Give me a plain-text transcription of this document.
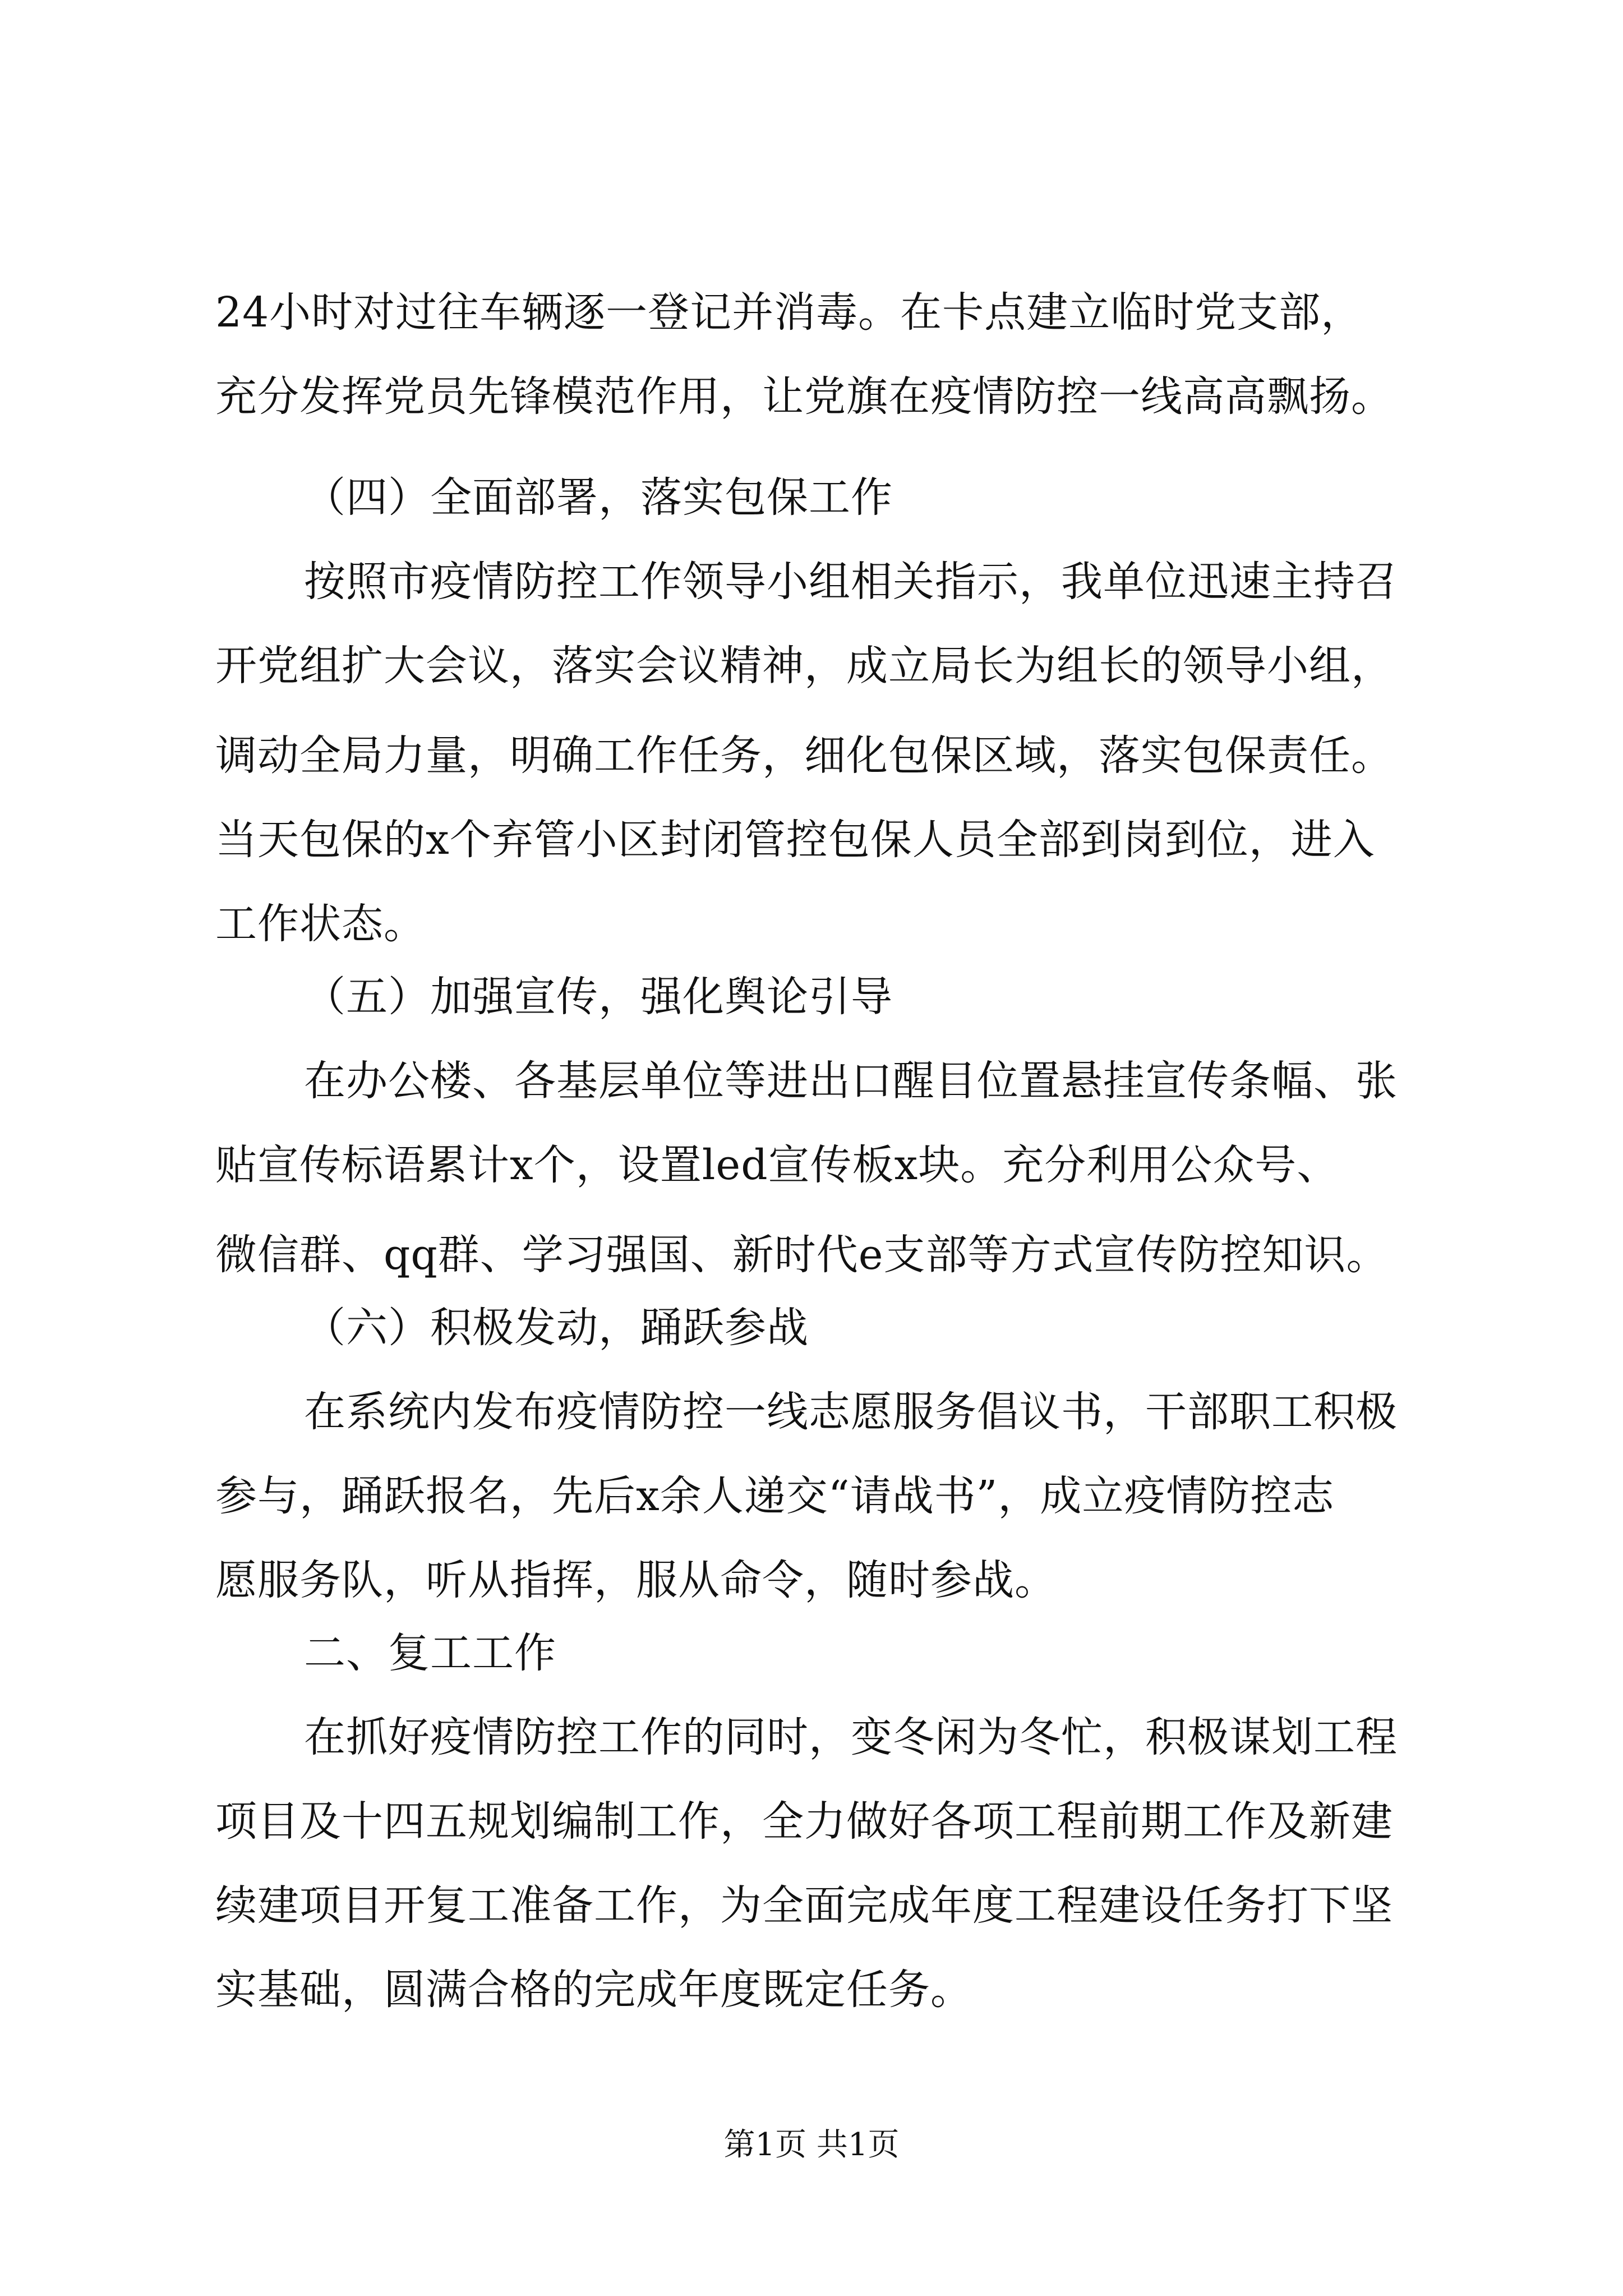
24小时对过往车辆逐一登记并消毒。在卡点建立临时党支部，
充分发挥党员先锋模范作用，让党旗在疫情防控一线高高飘扬。
（四）全面部署，落实包保工作
按照市疫情防控工作领导小组相关指示，我单位迅速主持召
开党组扩大会议，落实会议精神，成立局长为组长的领导小组，
调动全局力量，明确工作任务，细化包保区域，落实包保责任。
当天包保的x个弃管小区封闭管控包保人员全部到岗到位，进入
工作状态。
（五）加强宣传，强化舆论引导
在办公楼、各基层单位等进出口醒目位置悬挂宣传条幅、张
贴宣传标语累计x个，设置led宣传板x块。充分利用公众号、
微信群、qq群、学习强国、新时代e支部等方式宣传防控知识。
（六）积极发动，踊跃参战
在系统内发布疫情防控一线志愿服务倡议书，干部职工积极
参与，踊跃报名，先后x余人递交“请战书”，成立疫情防控志
愿服务队，听从指挥，服从命令，随时参战。
二、复工工作
在抓好疫情防控工作的同时，变冬闲为冬忙，积极谋划工程
项目及十四五规划编制工作，全力做好各项工程前期工作及新建
续建项目开复工准备工作，为全面完成年度工程建设任务打下坚
实基础，圆满合格的完成年度既定任务。
第1页 共1页
